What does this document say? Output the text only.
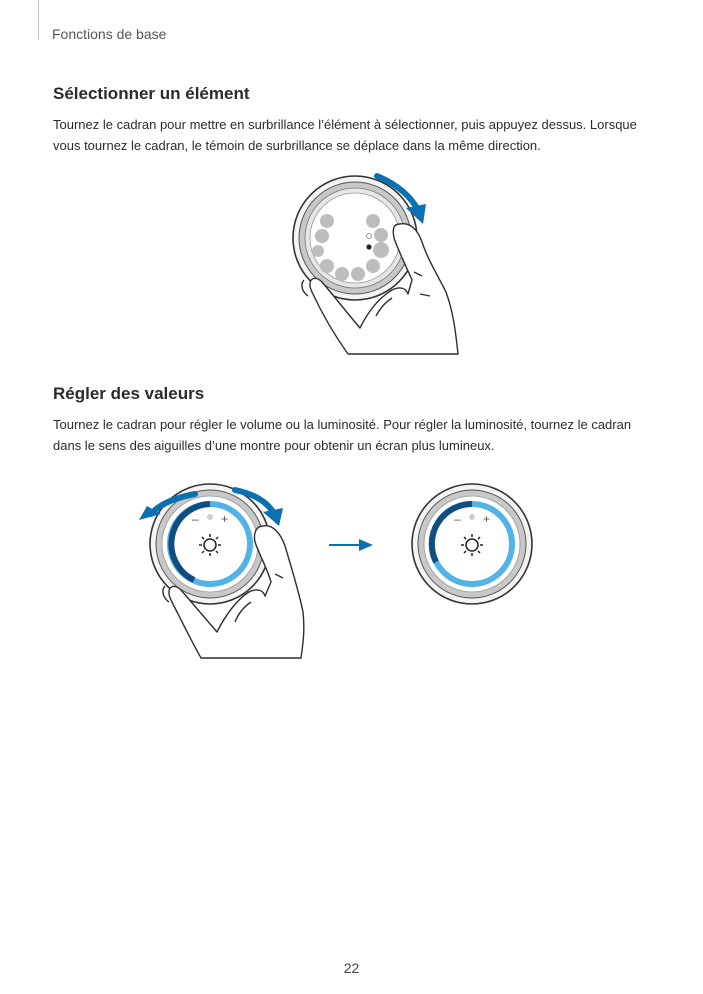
Fonctions de base
Sélectionner un élément

Tournez le cadran pour mettre en surbrillance l’élément à sélectionner, puis appuyez dessus. Lorsque vous tournez le cadran, le témoin de surbrillance se déplace dans la même direction.

Régler des valeurs

Tournez le cadran pour régler le volume ou la luminosité. Pour régler la luminosité, tournez le cadran dans le sens des aiguilles d’une montre pour obtenir un écran plus lumineux.

– +	– +
22
